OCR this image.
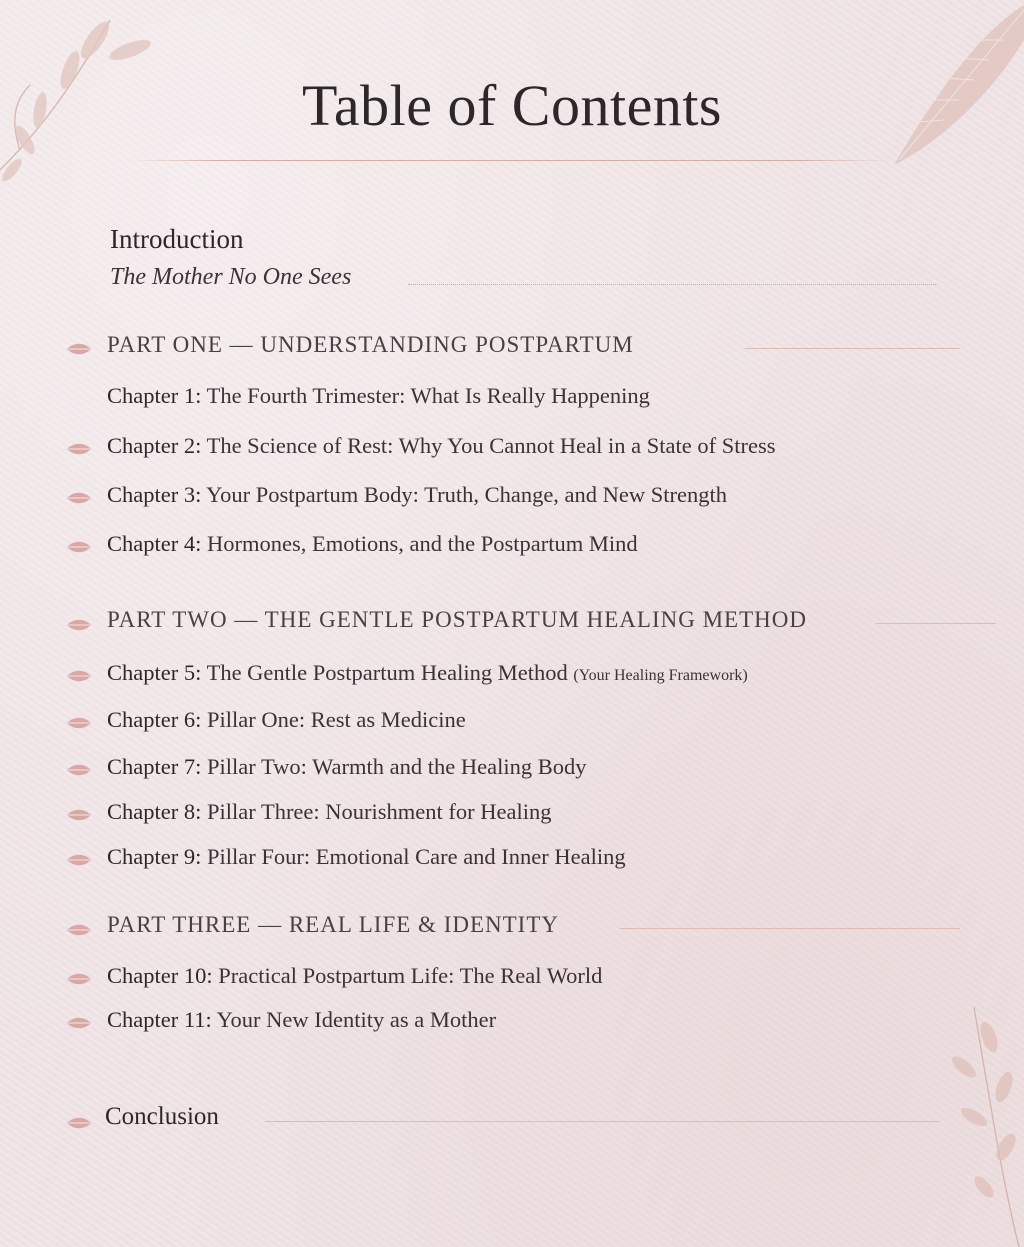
Table of Contents
Introduction
The Mother No One Sees
PART ONE — UNDERSTANDING POSTPARTUM
Chapter 1: The Fourth Trimester: What Is Really Happening
Chapter 2: The Science of Rest: Why You Cannot Heal in a State of Stress
Chapter 3: Your Postpartum Body: Truth, Change, and New Strength
Chapter 4: Hormones, Emotions, and the Postpartum Mind
PART TWO — THE GENTLE POSTPARTUM HEALING METHOD
Chapter 5: The Gentle Postpartum Healing Method (Your Healing Framework)
Chapter 6: Pillar One: Rest as Medicine
Chapter 7: Pillar Two: Warmth and the Healing Body
Chapter 8: Pillar Three: Nourishment for Healing
Chapter 9: Pillar Four: Emotional Care and Inner Healing
PART THREE — REAL LIFE & IDENTITY
Chapter 10: Practical Postpartum Life: The Real World
Chapter 11: Your New Identity as a Mother
Conclusion
